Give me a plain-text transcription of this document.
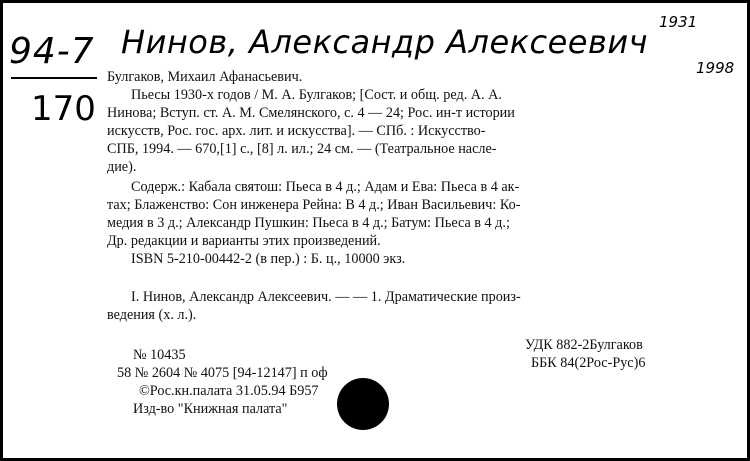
94-7
170
Нинов, Александр Алексеевич
1931
1998
Булгаков, Михаил Афанасьевич.
Пьесы 1930-х годов / М. А. Булгаков; [Сост. и общ. ред. А. А.
Нинова; Вступ. ст. А. М. Смелянского, с. 4 — 24; Рос. ин-т истории
искусств, Рос. гос. арх. лит. и искусства]. — СПб. : Искусство-
СПБ, 1994. — 670,[1] с., [8] л. ил.; 24 см. — (Театральное насле-
дие).
Содерж.: Кабала святош: Пьеса в 4 д.; Адам и Ева: Пьеса в 4 ак-
тах; Блаженство: Сон инженера Рейна: В 4 д.; Иван Васильевич: Ко-
медия в 3 д.; Александр Пушкин: Пьеса в 4 д.; Батум: Пьеса в 4 д.;
Др. редакции и варианты этих произведений.
ISBN 5-210-00442-2 (в пер.) : Б. ц., 10000 экз.
I. Нинов, Александр Алексеевич. — — 1. Драматические произ-
ведения (х. л.).
№ 10435
58 № 2604 № 4075 [94-12147] п оф
©Рос.кн.палата 31.05.94 Б957
Изд-во "Книжная палата"
УДК 882-2Булгаков
ББК 84(2Рос-Рус)6
